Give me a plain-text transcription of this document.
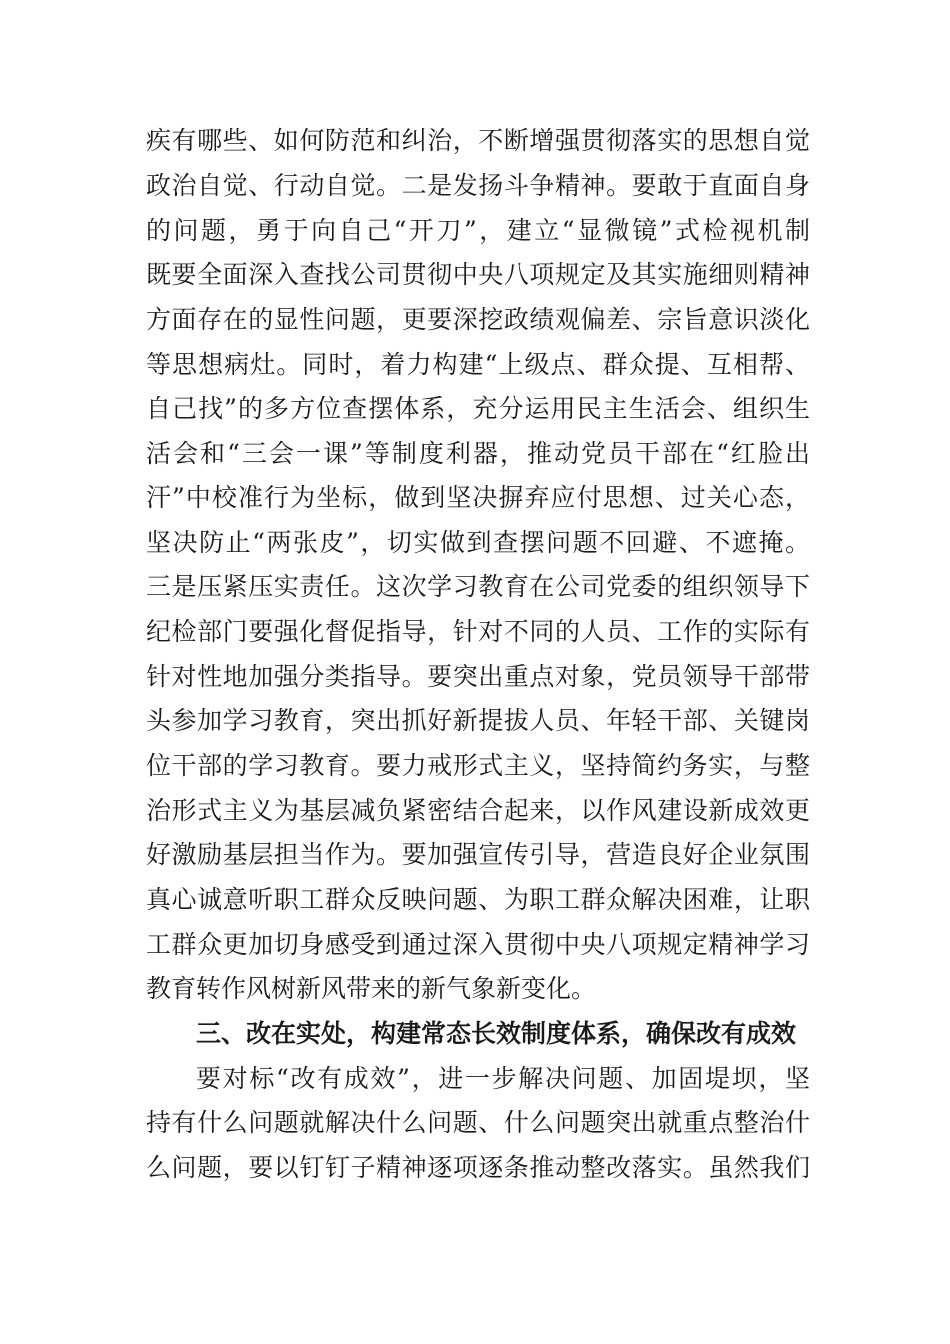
疾有哪些、如何防范和纠治，不断增强贯彻落实的思想自觉
政治自觉、行动自觉。二是发扬斗争精神。要敢于直面自身
的问题，勇于向自己“开刀”，建立“显微镜”式检视机制
既要全面深入查找公司贯彻中央八项规定及其实施细则精神
方面存在的显性问题，更要深挖政绩观偏差、宗旨意识淡化
等思想病灶。同时，着力构建“上级点、群众提、互相帮、
自己找”的多方位查摆体系，充分运用民主生活会、组织生
活会和“三会一课”等制度利器，推动党员干部在“红脸出
汗”中校准行为坐标，做到坚决摒弃应付思想、过关心态，
坚决防止“两张皮”，切实做到查摆问题不回避、不遮掩。
三是压紧压实责任。这次学习教育在公司党委的组织领导下
纪检部门要强化督促指导，针对不同的人员、工作的实际有
针对性地加强分类指导。要突出重点对象，党员领导干部带
头参加学习教育，突出抓好新提拔人员、年轻干部、关键岗
位干部的学习教育。要力戒形式主义，坚持简约务实，与整
治形式主义为基层减负紧密结合起来，以作风建设新成效更
好激励基层担当作为。要加强宣传引导，营造良好企业氛围
真心诚意听职工群众反映问题、为职工群众解决困难，让职
工群众更加切身感受到通过深入贯彻中央八项规定精神学习
教育转作风树新风带来的新气象新变化。
三、改在实处，构建常态长效制度体系，确保改有成效
要对标“改有成效”，进一步解决问题、加固堤坝，坚
持有什么问题就解决什么问题、什么问题突出就重点整治什
么问题，要以钉钉子精神逐项逐条推动整改落实。虽然我们
